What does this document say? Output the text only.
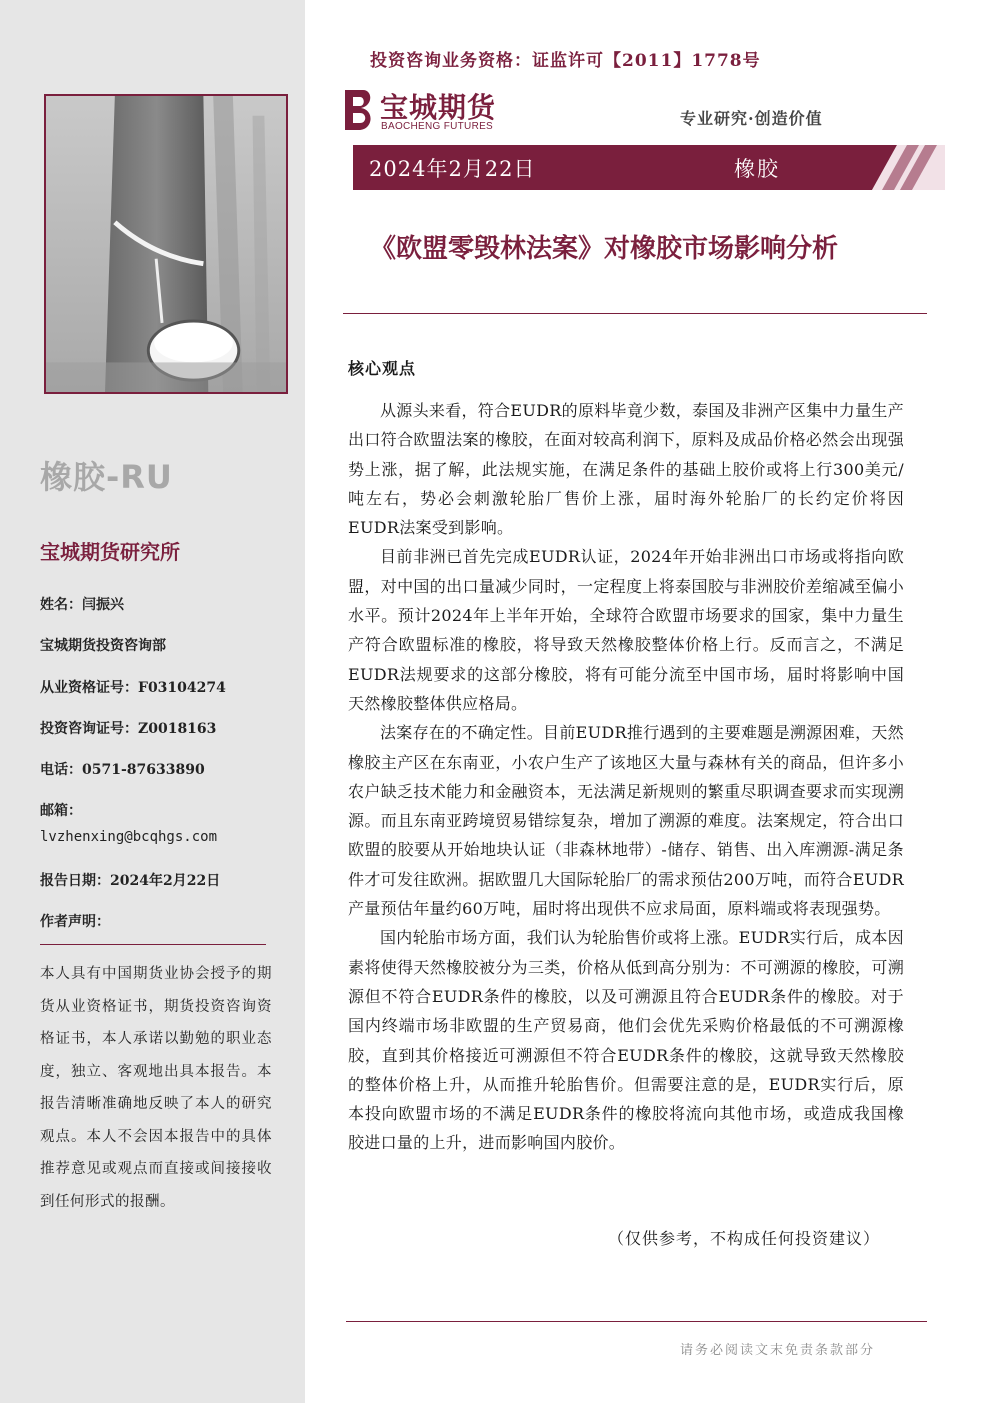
橡胶-RU
宝城期货研究所
姓名：闫振兴
宝城期货投资咨询部
从业资格证号：F03104274
投资咨询证号：Z0018163
电话：0571-87633890
邮箱：
lvzhenxing@bcqhgs.com
报告日期：2024年2月22日
作者声明：
本人具有中国期货业协会授予的期货从业资格证书，期货投资咨询资格证书，本人承诺以勤勉的职业态度，独立、客观地出具本报告。本报告清晰准确地反映了本人的研究观点。本人不会因本报告中的具体推荐意见或观点而直接或间接接收到任何形式的报酬。
投资咨询业务资格：证监许可【2011】1778号
宝城期货
BAOCHENG FUTURES	专业研究·创造价值
2024年2月22日	橡胶
《欧盟零毁林法案》对橡胶市场影响分析
核心观点

从源头来看，符合EUDR的原料毕竟少数，泰国及非洲产区集中力量生产出口符合欧盟法案的橡胶，在面对较高利润下，原料及成品价格必然会出现强势上涨，据了解，此法规实施，在满足条件的基础上胶价或将上行300美元/吨左右，势必会刺激轮胎厂售价上涨，届时海外轮胎厂的长约定价将因EUDR法案受到影响。

目前非洲已首先完成EUDR认证，2024年开始非洲出口市场或将指向欧盟，对中国的出口量减少同时，一定程度上将泰国胶与非洲胶价差缩减至偏小水平。预计2024年上半年开始，全球符合欧盟市场要求的国家，集中力量生产符合欧盟标准的橡胶，将导致天然橡胶整体价格上行。反而言之，不满足EUDR法规要求的这部分橡胶，将有可能分流至中国市场，届时将影响中国天然橡胶整体供应格局。

法案存在的不确定性。目前EUDR推行遇到的主要难题是溯源困难，天然橡胶主产区在东南亚，小农户生产了该地区大量与森林有关的商品，但许多小农户缺乏技术能力和金融资本，无法满足新规则的繁重尽职调查要求而实现溯源。而且东南亚跨境贸易错综复杂，增加了溯源的难度。法案规定，符合出口欧盟的胶要从开始地块认证（非森林地带）-储存、销售、出入库溯源-满足条件才可发往欧洲。据欧盟几大国际轮胎厂的需求预估200万吨，而符合EUDR产量预估年量约60万吨，届时将出现供不应求局面，原料端或将表现强势。

国内轮胎市场方面，我们认为轮胎售价或将上涨。EUDR实行后，成本因素将使得天然橡胶被分为三类，价格从低到高分别为：不可溯源的橡胶，可溯源但不符合EUDR条件的橡胶，以及可溯源且符合EUDR条件的橡胶。对于国内终端市场非欧盟的生产贸易商，他们会优先采购价格最低的不可溯源橡胶，直到其价格接近可溯源但不符合EUDR条件的橡胶，这就导致天然橡胶的整体价格上升，从而推升轮胎售价。但需要注意的是，EUDR实行后，原本投向欧盟市场的不满足EUDR条件的橡胶将流向其他市场，或造成我国橡胶进口量的上升，进而影响国内胶价。

（仅供参考，不构成任何投资建议）
请务必阅读文末免责条款部分
